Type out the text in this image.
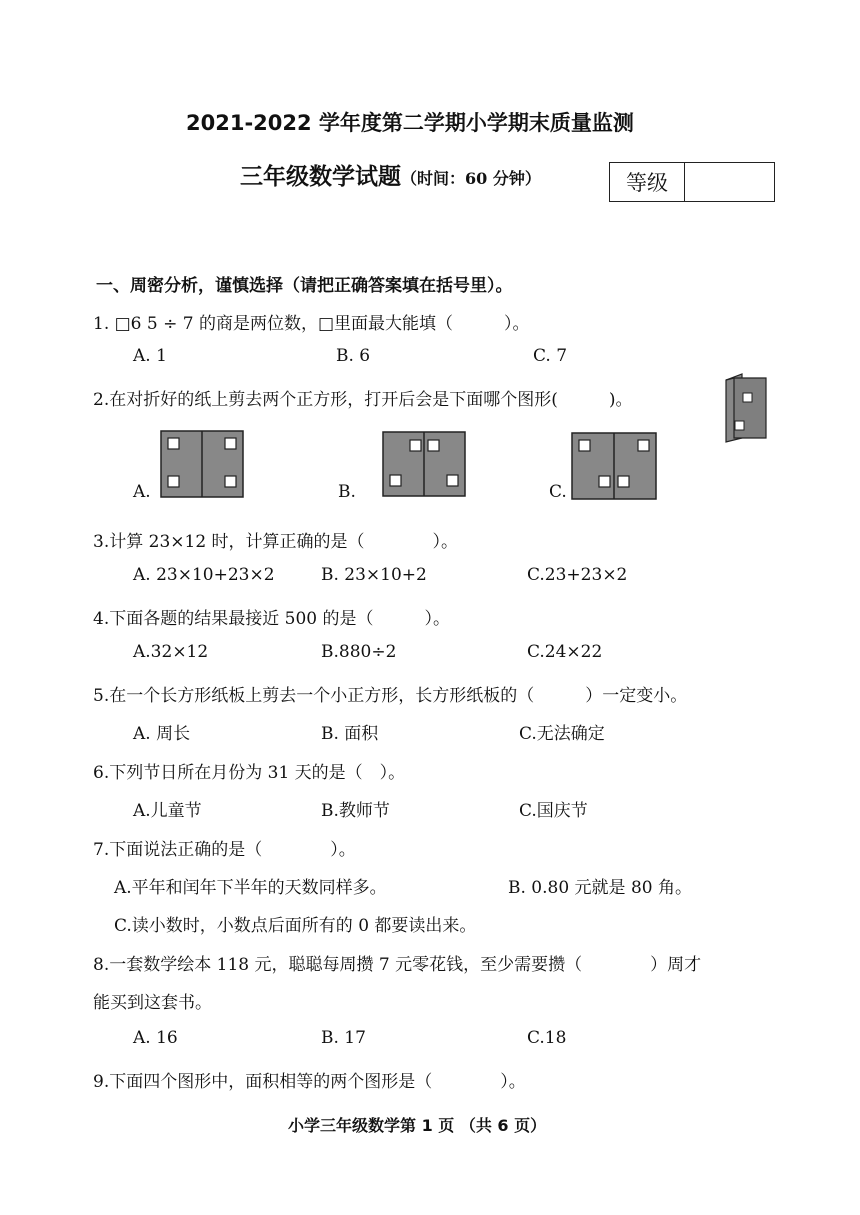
2021-2022 学年度第二学期小学期末质量监测
三年级数学试题（时间：60 分钟）	等级
一、周密分析，谨慎选择（请把正确答案填在括号里）。
1. □6 5 ÷ 7 的商是两位数，□里面最大能填（　　　）。
A. 1	B. 6	C. 7
2.在对折好的纸上剪去两个正方形，打开后会是下面哪个图形(　　　)。
A.	B.	C.
3.计算 23×12 时，计算正确的是（　　　　）。
A. 23×10+23×2	B. 23×10+2	C.23+23×2
4.下面各题的结果最接近 500 的是（　　　）。
A.32×12	B.880÷2	C.24×22
5.在一个长方形纸板上剪去一个小正方形，长方形纸板的（　　　）一定变小。
A. 周长	B. 面积	C.无法确定
6.下列节日所在月份为 31 天的是（　）。
A.儿童节	B.教师节	C.国庆节
7.下面说法正确的是（　　　　）。
A.平年和闰年下半年的天数同样多。	B. 0.80 元就是 80 角。
C.读小数时，小数点后面所有的 0 都要读出来。
8.一套数学绘本 118 元，聪聪每周攒 7 元零花钱，至少需要攒（　　　　）周才
能买到这套书。
A. 16	B. 17	C.18
9.下面四个图形中，面积相等的两个图形是（　　　　）。
小学三年级数学第 1 页 （共 6 页）
